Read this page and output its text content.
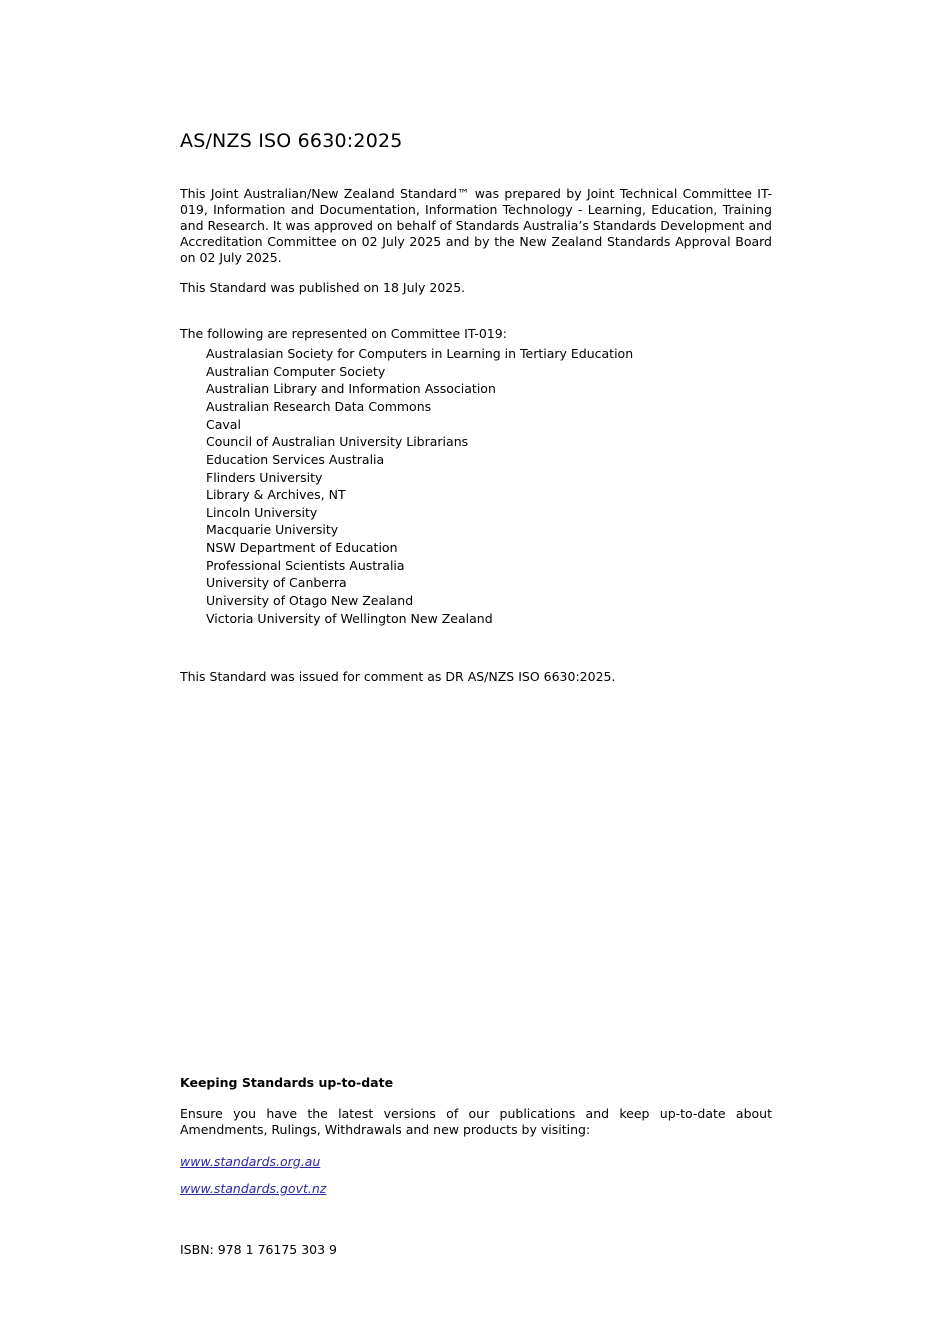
AS/NZS ISO 6630:2025

This Joint Australian/New Zealand Standard™ was prepared by Joint Technical Committee IT-019, Information and Documentation, Information Technology - Learning, Education, Training and Research. It was approved on behalf of Standards Australia’s Standards Development and Accreditation Committee on 02 July 2025 and by the New Zealand Standards Approval Board on 02 July 2025.

This Standard was published on 18 July 2025.

The following are represented on Committee IT-019:

Australasian Society for Computers in Learning in Tertiary Education
Australian Computer Society
Australian Library and Information Association
Australian Research Data Commons
Caval
Council of Australian University Librarians
Education Services Australia
Flinders University
Library & Archives, NT
Lincoln University
Macquarie University
NSW Department of Education
Professional Scientists Australia
University of Canberra
University of Otago New Zealand
Victoria University of Wellington New Zealand

This Standard was issued for comment as DR AS/NZS ISO 6630:2025.

Keeping Standards up-to-date

Ensure you have the latest versions of our publications and keep up-to-date about Amendments, Rulings, Withdrawals and new products by visiting:

www.standards.org.au

www.standards.govt.nz

ISBN: 978 1 76175 303 9
